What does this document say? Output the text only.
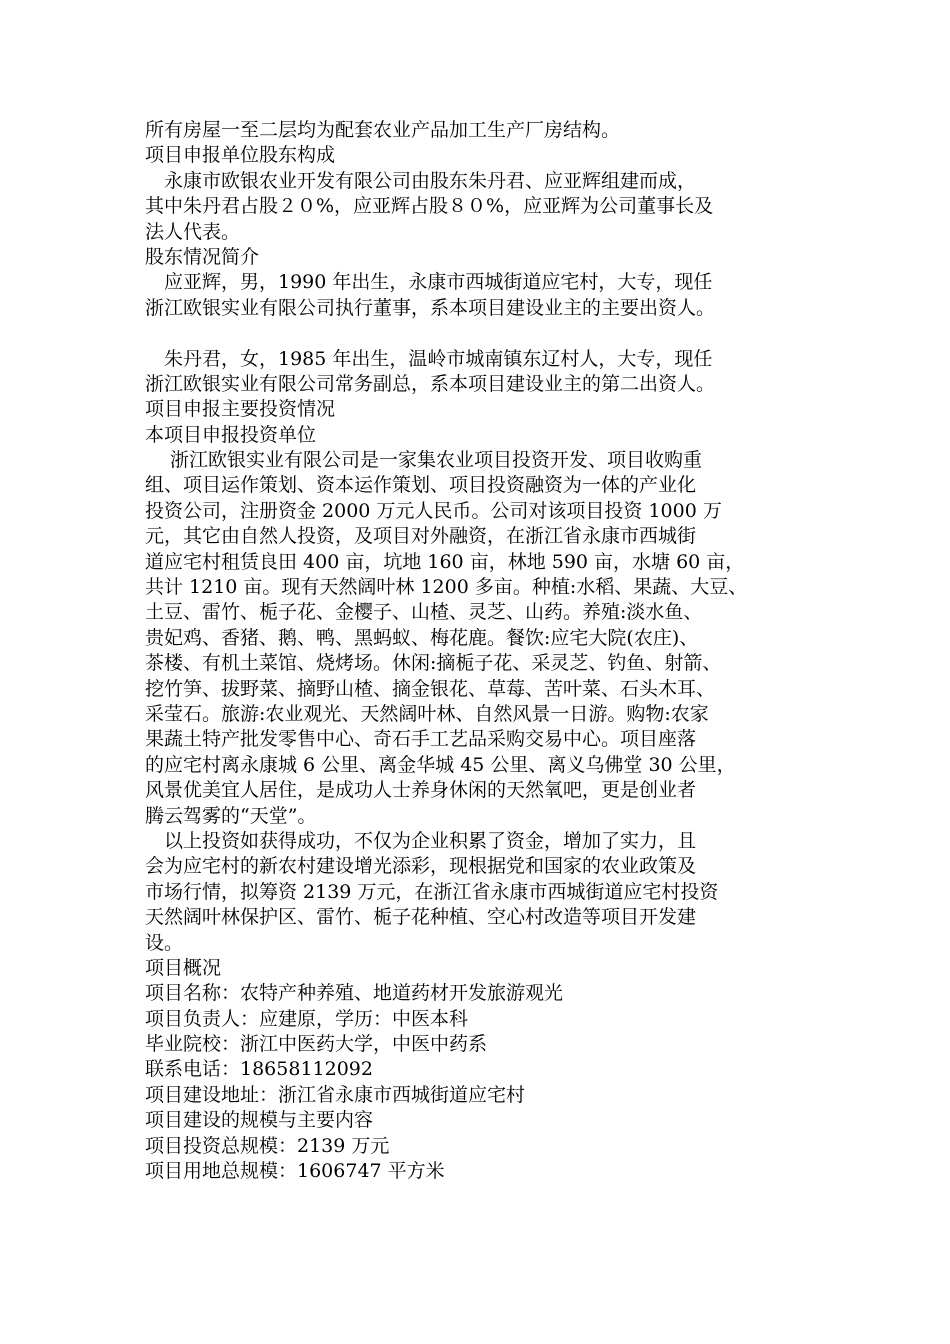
所有房屋一至二层均为配套农业产品加工生产厂房结构。
项目申报单位股东构成
　永康市欧银农业开发有限公司由股东朱丹君、应亚辉组建而成，
其中朱丹君占股２０%，应亚辉占股８０%，应亚辉为公司董事长及
法人代表。
股东情况简介
　应亚辉，男，1990 年出生，永康市西城街道应宅村，大专，现任
浙江欧银实业有限公司执行董事，系本项目建设业主的主要出资人。
　朱丹君，女，1985 年出生，温岭市城南镇东辽村人，大专，现任
浙江欧银实业有限公司常务副总，系本项目建设业主的第二出资人。
项目申报主要投资情况
本项目申报投资单位
　 浙江欧银实业有限公司是一家集农业项目投资开发、项目收购重
组、项目运作策划、资本运作策划、项目投资融资为一体的产业化
投资公司，注册资金 2000 万元人民币。公司对该项目投资 1000 万
元，其它由自然人投资，及项目对外融资，在浙江省永康市西城街
道应宅村租赁良田 400 亩，坑地 160 亩，林地 590 亩，水塘 60 亩，
共计 1210 亩。现有天然阔叶林 1200 多亩。种植:水稻、果蔬、大豆、
土豆、雷竹、栀子花、金樱子、山楂、灵芝、山药。养殖:淡水鱼、
贵妃鸡、香猪、鹅、鸭、黑蚂蚁、梅花鹿。餐饮:应宅大院(农庄)、
茶楼、有机土菜馆、烧烤场。休闲:摘栀子花、采灵芝、钓鱼、射箭、
挖竹笋、拔野菜、摘野山楂、摘金银花、草莓、苦叶菜、石头木耳、
采莹石。旅游:农业观光、天然阔叶林、自然风景一日游。购物:农家
果蔬土特产批发零售中心、奇石手工艺品采购交易中心。项目座落
的应宅村离永康城 6 公里、离金华城 45 公里、离义乌佛堂 30 公里，
风景优美宜人居住，是成功人士养身休闲的天然氧吧，更是创业者
腾云驾雾的“天堂”。
　以上投资如获得成功，不仅为企业积累了资金，增加了实力，且
会为应宅村的新农村建设增光添彩，现根据党和国家的农业政策及
市场行情，拟筹资 2139 万元，在浙江省永康市西城街道应宅村投资
天然阔叶林保护区、雷竹、栀子花种植、空心村改造等项目开发建
设。
项目概况
项目名称：农特产种养殖、地道药材开发旅游观光
项目负责人：应建原，学历：中医本科
毕业院校：浙江中医药大学，中医中药系
联系电话：18658112092
项目建设地址：浙江省永康市西城街道应宅村
项目建设的规模与主要内容
项目投资总规模：2139 万元
项目用地总规模：1606747 平方米
